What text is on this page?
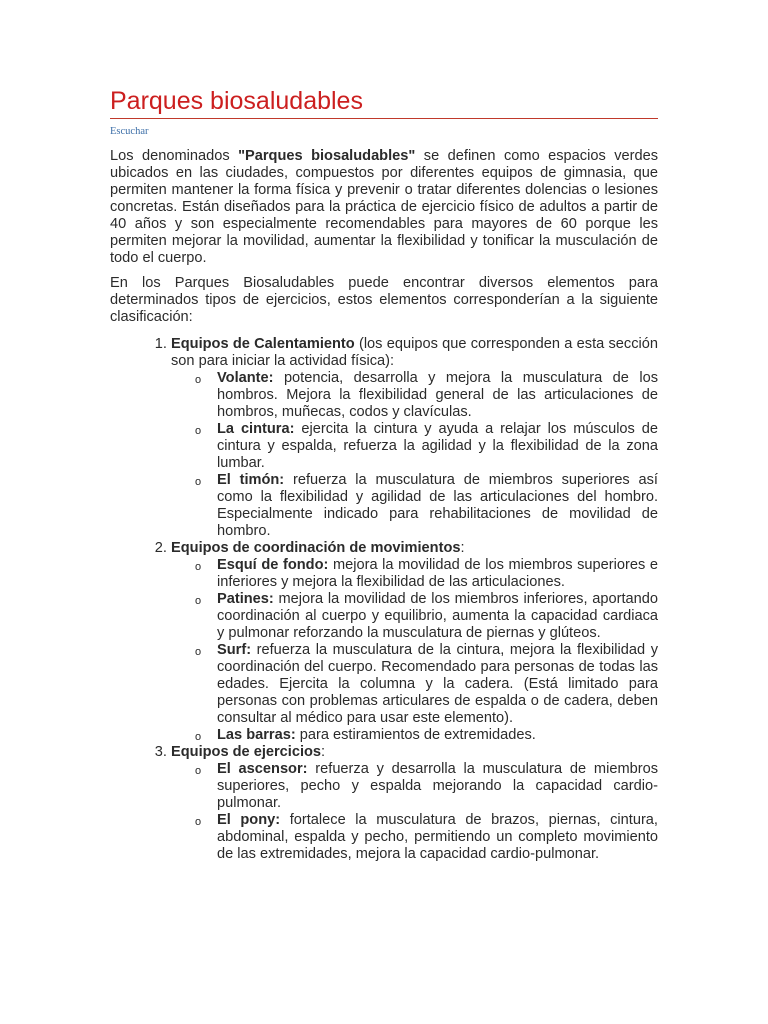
Parques biosaludables
Escuchar

Los denominados "Parques biosaludables" se definen como espacios verdes ubicados en las ciudades, compuestos por diferentes equipos de gimnasia, que permiten mantener la forma física y prevenir o tratar diferentes dolencias o lesiones concretas. Están diseñados para la práctica de ejercicio físico de adultos a partir de 40 años y son especialmente recomendables para mayores de 60 porque les permiten mejorar la movilidad, aumentar la flexibilidad y tonificar la musculación de todo el cuerpo.

En los Parques Biosaludables puede encontrar diversos elementos para determinados tipos de ejercicios, estos elementos corresponderían a la siguiente clasificación:

1. Equipos de Calentamiento (los equipos que corresponden a esta sección son para iniciar la actividad física):
o Volante: potencia, desarrolla y mejora la musculatura de los hombros. Mejora la flexibilidad general de las articulaciones de hombros, muñecas, codos y clavículas.
o La cintura: ejercita la cintura y ayuda a relajar los músculos de cintura y espalda, refuerza la agilidad y la flexibilidad de la zona lumbar.
o El timón: refuerza la musculatura de miembros superiores así como la flexibilidad y agilidad de las articulaciones del hombro. Especialmente indicado para rehabilitaciones de movilidad de hombro.
2. Equipos de coordinación de movimientos:
o Esquí de fondo: mejora la movilidad de los miembros superiores e inferiores y mejora la flexibilidad de las articulaciones.
o Patines: mejora la movilidad de los miembros inferiores, aportando coordinación al cuerpo y equilibrio, aumenta la capacidad cardiaca y pulmonar reforzando la musculatura de piernas y glúteos.
o Surf: refuerza la musculatura de la cintura, mejora la flexibilidad y coordinación del cuerpo. Recomendado para personas de todas las edades. Ejercita la columna y la cadera. (Está limitado para personas con problemas articulares de espalda o de cadera, deben consultar al médico para usar este elemento).
o Las barras: para estiramientos de extremidades.
3. Equipos de ejercicios:
o El ascensor: refuerza y desarrolla la musculatura de miembros superiores, pecho y espalda mejorando la capacidad cardio-pulmonar.
o El pony: fortalece la musculatura de brazos, piernas, cintura, abdominal, espalda y pecho, permitiendo un completo movimiento de las extremidades, mejora la capacidad cardio-pulmonar.
